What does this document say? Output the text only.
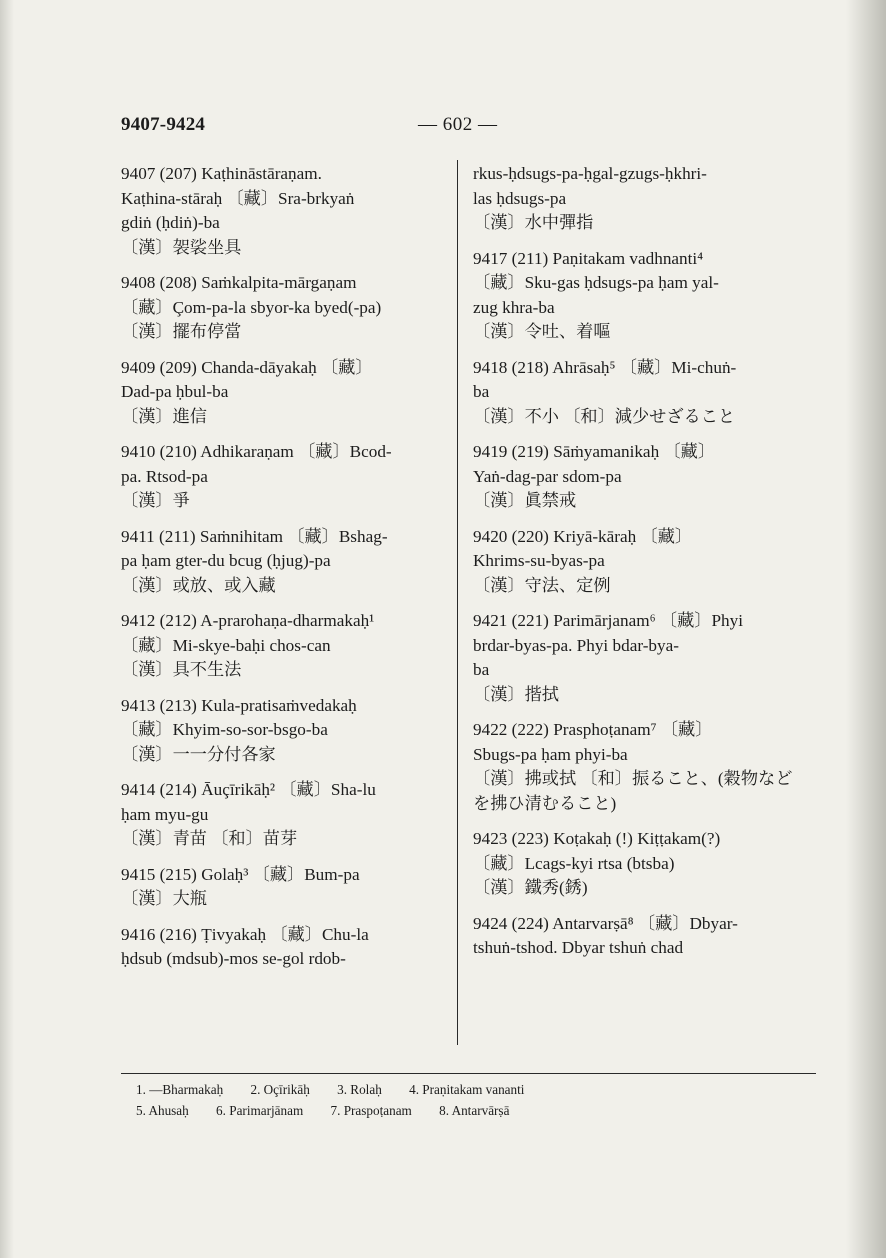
9407-9424	— 602 —
9407 (207) Kaṭhināstāraṇam.
Kaṭhina-stāraḥ 〔藏〕Sra-brkyaṅ
gdiṅ (ḥdiṅ)-ba
〔漢〕袈裟坐具
9408 (208) Saṁkalpita-mārgaṇam
〔藏〕Çom-pa-la sbyor-ka byed(-pa)
〔漢〕擺布停當
9409 (209) Chanda-dāyakaḥ 〔藏〕
Dad-pa ḥbul-ba
〔漢〕進信
9410 (210) Adhikaraṇam 〔藏〕Bcod-
pa. Rtsod-pa
〔漢〕爭
9411 (211) Saṁnihitam 〔藏〕Bshag-
pa ḥam gter-du bcug (ḥjug)-pa
〔漢〕或放、或入藏
9412 (212) A-prarohaṇa-dharmakaḥ¹
〔藏〕Mi-skye-baḥi chos-can
〔漢〕具不生法
9413 (213) Kula-pratisaṁvedakaḥ
〔藏〕Khyim-so-sor-bsgo-ba
〔漢〕一一分付各家
9414 (214) Āuçīrikāḥ² 〔藏〕Sha-lu
ḥam myu-gu
〔漢〕青苗 〔和〕苗芽
9415 (215) Golaḥ³ 〔藏〕Bum-pa
〔漢〕大瓶
9416 (216) Ṭivyakaḥ 〔藏〕Chu-la
ḥdsub (mdsub)-mos se-gol rdob-
rkus-ḥdsugs-pa-ḥgal-gzugs-ḥkhri-
las ḥdsugs-pa
〔漢〕水中彈指
9417 (211) Paṇitakam vadhnanti⁴
〔藏〕Sku-gas ḥdsugs-pa ḥam yal-
zug khra-ba
〔漢〕令吐、着嘔
9418 (218) Ahrāsaḥ⁵ 〔藏〕Mi-chuṅ-
ba
〔漢〕不小 〔和〕減少せざること
9419 (219) Sāṁyamanikaḥ 〔藏〕
Yaṅ-dag-par sdom-pa
〔漢〕眞禁戒
9420 (220) Kriyā-kāraḥ 〔藏〕
Khrims-su-byas-pa
〔漢〕守法、定例
9421 (221) Parimārjanam⁶ 〔藏〕Phyi
brdar-byas-pa. Phyi bdar-bya-
ba
〔漢〕揩拭
9422 (222) Prasphoṭanam⁷ 〔藏〕
Sbugs-pa ḥam phyi-ba
〔漢〕拂或拭 〔和〕振ること、(穀物など
を拂ひ清むること)
9423 (223) Koṭakaḥ (!) Kiṭṭakam(?)
〔藏〕Lcags-kyi rtsa (btsba)
〔漢〕鐵秀(銹)
9424 (224) Antarvarṣā⁸ 〔藏〕Dbyar-
tshuṅ-tshod. Dbyar tshuṅ chad
1. —Bharmakaḥ 2. Oçīrikāḥ 3. Rolaḥ 4. Praṇitakam vananti
5. Ahusaḥ 6. Parimarjānam 7. Praspoṭanam 8. Antarvārṣā
